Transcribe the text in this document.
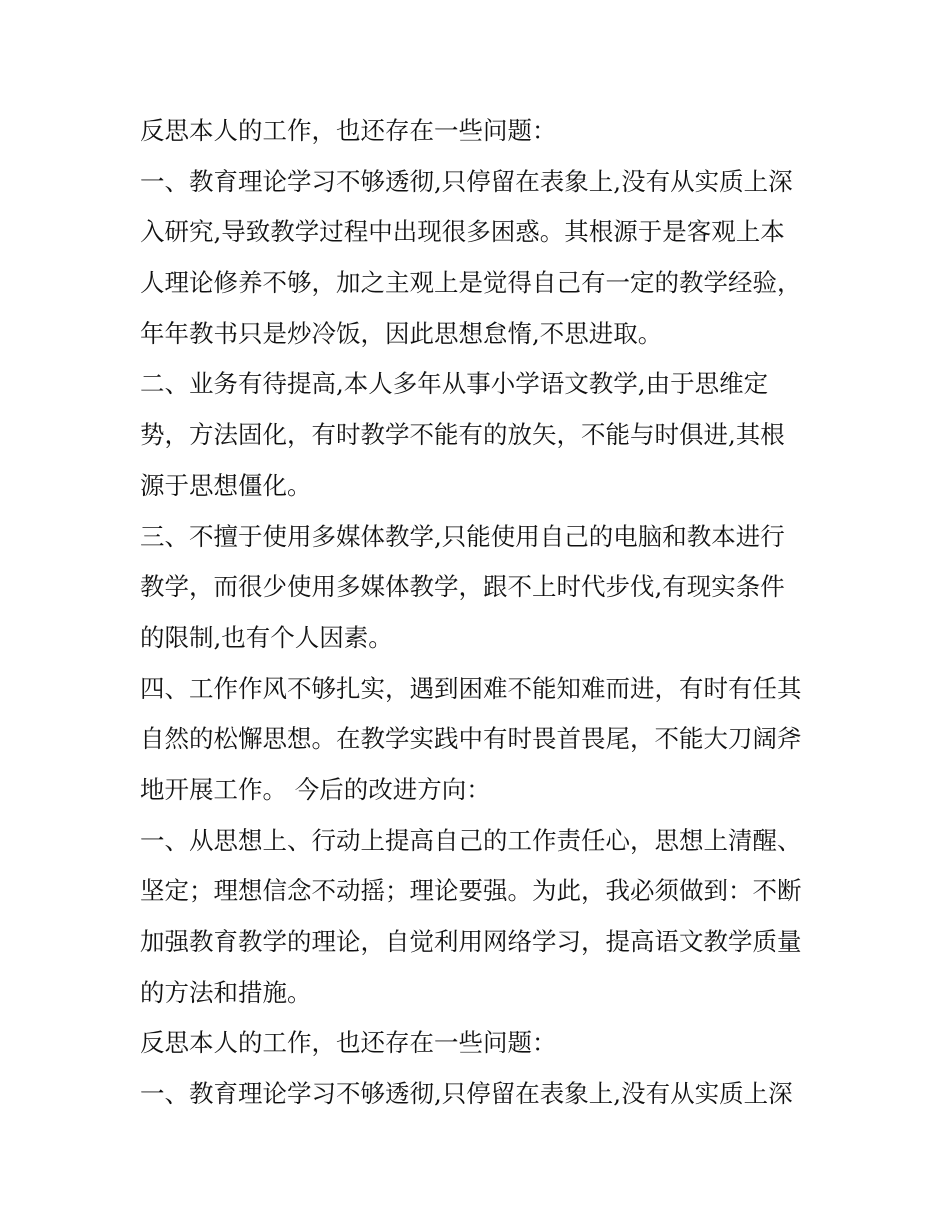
反思本人的工作，也还存在一些问题：
一、教育理论学习不够透彻,只停留在表象上,没有从实质上深
入研究,导致教学过程中出现很多困惑。其根源于是客观上本
人理论修养不够，加之主观上是觉得自己有一定的教学经验，
年年教书只是炒冷饭，因此思想怠惰,不思进取。
二、业务有待提高,本人多年从事小学语文教学,由于思维定
势，方法固化，有时教学不能有的放矢，不能与时俱进,其根
源于思想僵化。
三、不擅于使用多媒体教学,只能使用自己的电脑和教本进行
教学，而很少使用多媒体教学，跟不上时代步伐,有现实条件
的限制,也有个人因素。
四、工作作风不够扎实，遇到困难不能知难而进，有时有任其
自然的松懈思想。在教学实践中有时畏首畏尾，不能大刀阔斧
地开展工作。 今后的改进方向：
一、从思想上、行动上提高自己的工作责任心，思想上清醒、
坚定；理想信念不动摇；理论要强。为此，我必须做到：不断
加强教育教学的理论，自觉利用网络学习，提高语文教学质量
的方法和措施。
反思本人的工作，也还存在一些问题：
一、教育理论学习不够透彻,只停留在表象上,没有从实质上深
